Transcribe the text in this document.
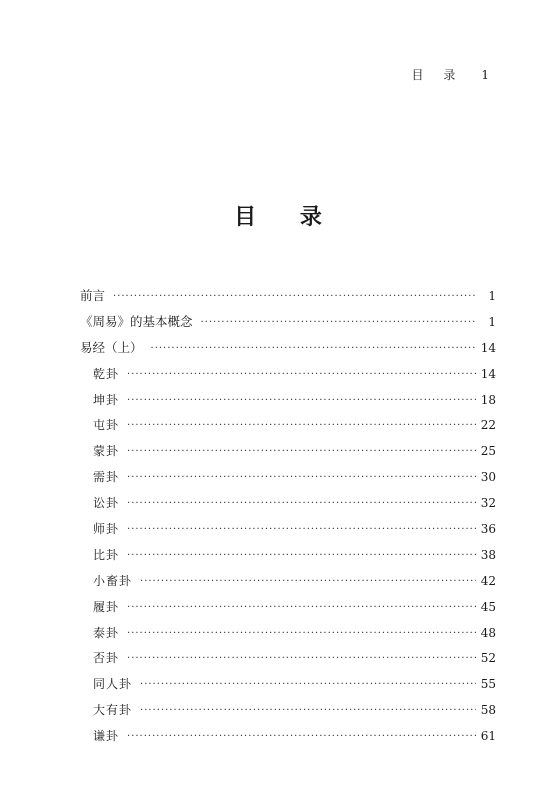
目 录 1
目 录
前言 ·····	1
《周易》的基本概念 ·····	1
易经（上） ·····	14
乾卦 ·····	14
坤卦 ·····	18
屯卦 ·····	22
蒙卦 ·····	25
需卦 ·····	30
讼卦 ·····	32
师卦 ·····	36
比卦 ·····	38
小畜卦 ·····	42
履卦 ·····	45
泰卦 ·····	48
否卦 ·····	52
同人卦 ·····	55
大有卦 ·····	58
谦卦 ·····	61
